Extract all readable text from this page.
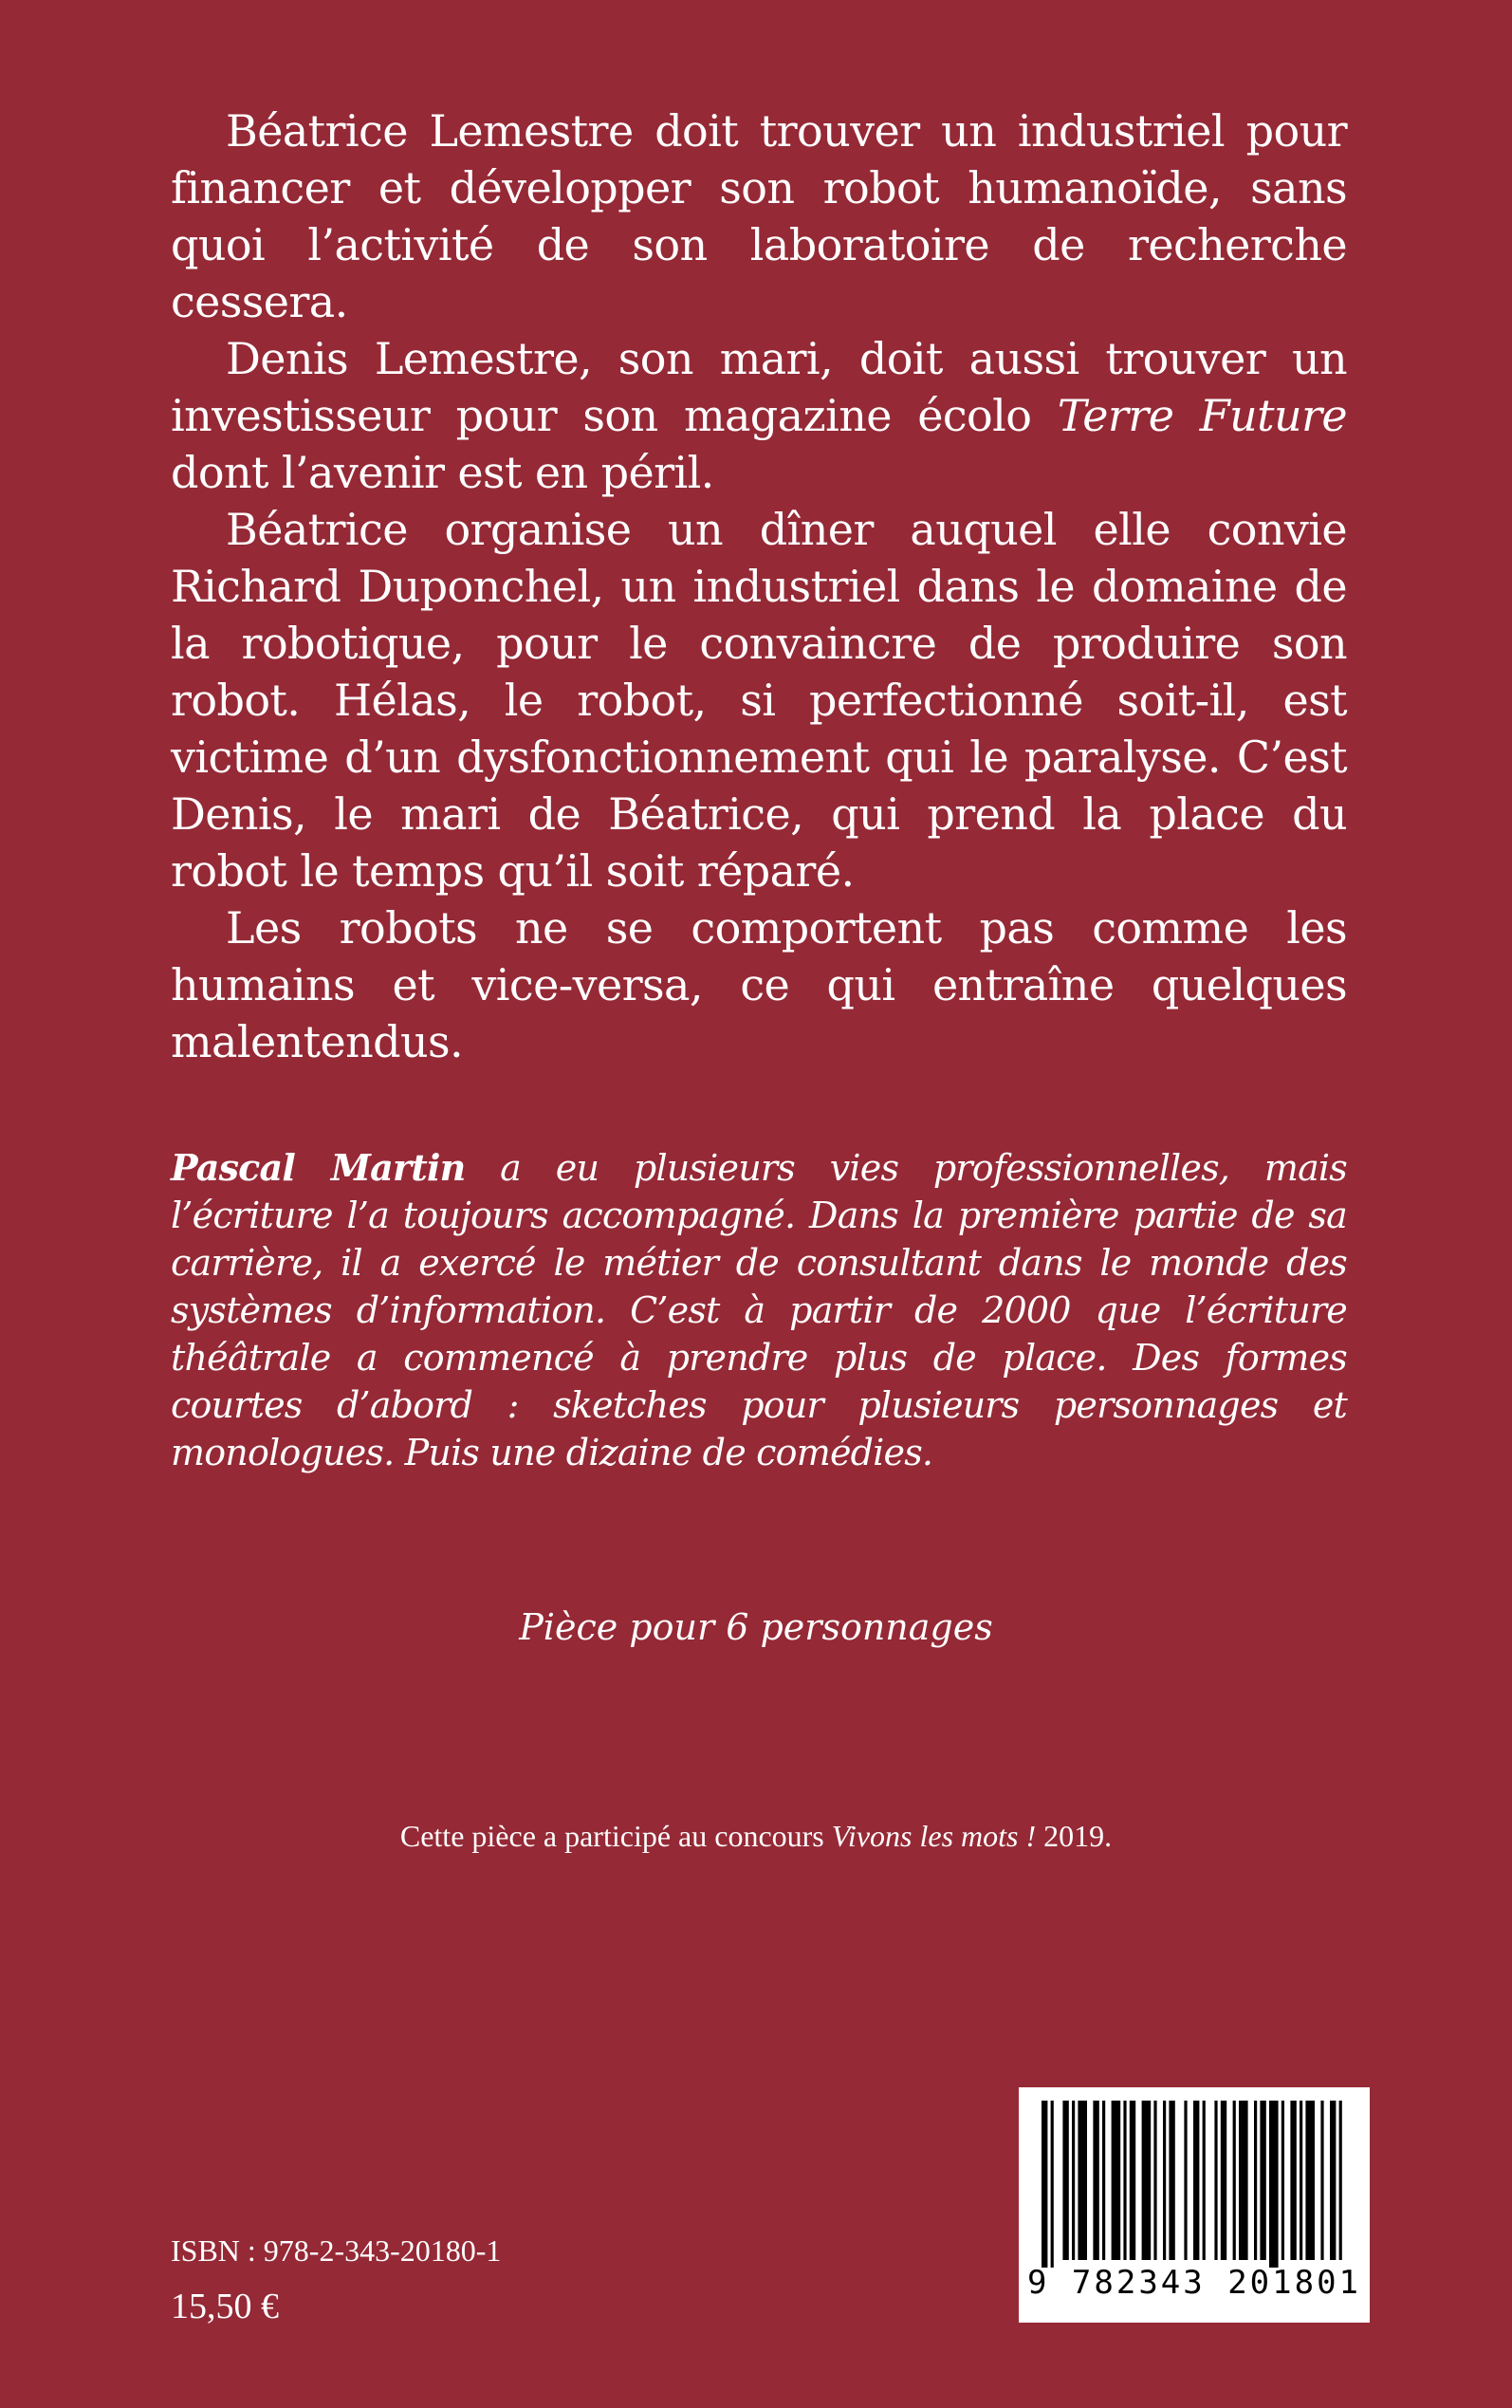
Béatrice Lemestre doit trouver un industriel pour financer et développer son robot humanoïde, sans quoi l’activité de son laboratoire de recherche cessera.

Denis Lemestre, son mari, doit aussi trouver un investisseur pour son magazine écolo Terre Future dont l’avenir est en péril.

Béatrice organise un dîner auquel elle convie Richard Duponchel, un industriel dans le domaine de la robotique, pour le convaincre de produire son robot. Hélas, le robot, si perfectionné soit-il, est victime d’un dysfonctionnement qui le paralyse. C’est Denis, le mari de Béatrice, qui prend la place du robot le temps qu’il soit réparé.

Les robots ne se comportent pas comme les humains et vice-versa, ce qui entraîne quelques malentendus.

Pascal Martin a eu plusieurs vies professionnelles, mais l’écriture l’a toujours accompagné. Dans la première partie de sa carrière, il a exercé le métier de consultant dans le monde des systèmes d’information. C’est à partir de 2000 que l’écriture théâtrale a commencé à prendre plus de place. Des formes courtes d’abord : sketches pour plusieurs personnages et monologues. Puis une dizaine de comédies.

Pièce pour 6 personnages
Cette pièce a participé au concours Vivons les mots ! 2019.
ISBN : 978-2-343-20180-1
15,50 €
9 782343 201801
